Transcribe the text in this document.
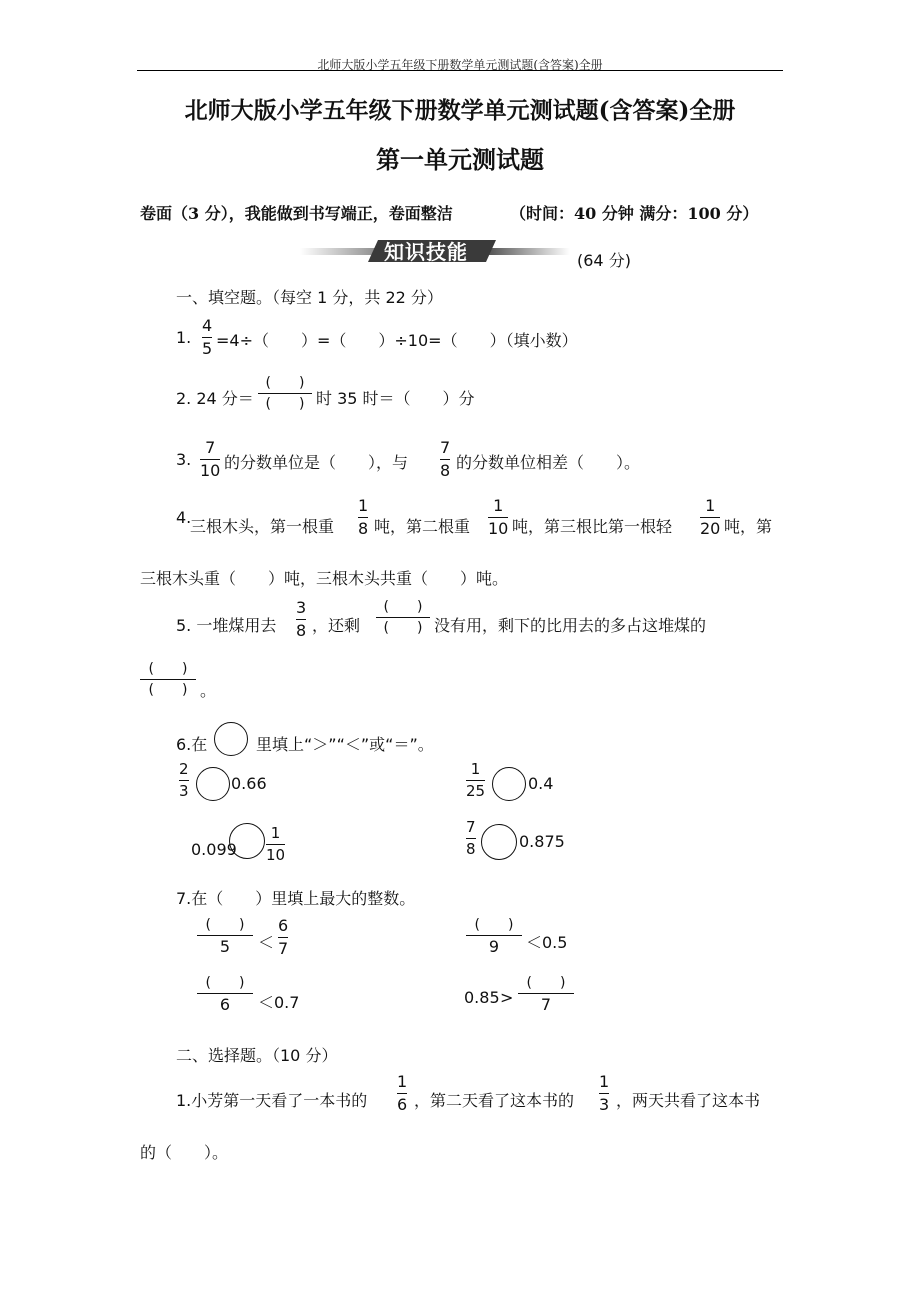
北师大版小学五年级下册数学单元测试题(含答案)全册
北师大版小学五年级下册数学单元测试题(含答案)全册
第一单元测试题
卷面（3 分），我能做到书写端正，卷面整洁	（时间：40 分钟 满分：100 分）
知识技能	(64 分)
一、填空题。（每空 1 分，共 22 分）
1.
4
5 =4÷（　　）=（　　）÷10=（　　）（填小数）
2. 24 分＝
(　　)
(　　) 时 35 时＝（　　）分
3.
7
10 的分数单位是（　　），与
7
8 的分数单位相差（　　）。
4.
三根木头，第一根重
1
8 吨，第二根重
1
10 吨，第三根比第一根轻
1
20 吨，第
三根木头重（　　）吨，三根木头共重（　　）吨。
5. 一堆煤用去
3
8 ，还剩
(　　)
(　　) 没有用，剩下的比用去的多占这堆煤的
(　　)
(　　) 。
6.在	里填上“＞”“＜”或“＝”。
2
3	0.66
1
25	0.4
0.099
1
10
7
8	0.875
7.在（　　）里填上最大的整数。
(　　)
5 ＜
6
7
(　　)
9 ＜0.5
(　　)
6 ＜0.7	0.85 >
(　　)
7
二、选择题。（10 分）
1.小芳第一天看了一本书的
1
6 ，第二天看了这本书的
1
3 ，两天共看了这本书
的（　　）。
